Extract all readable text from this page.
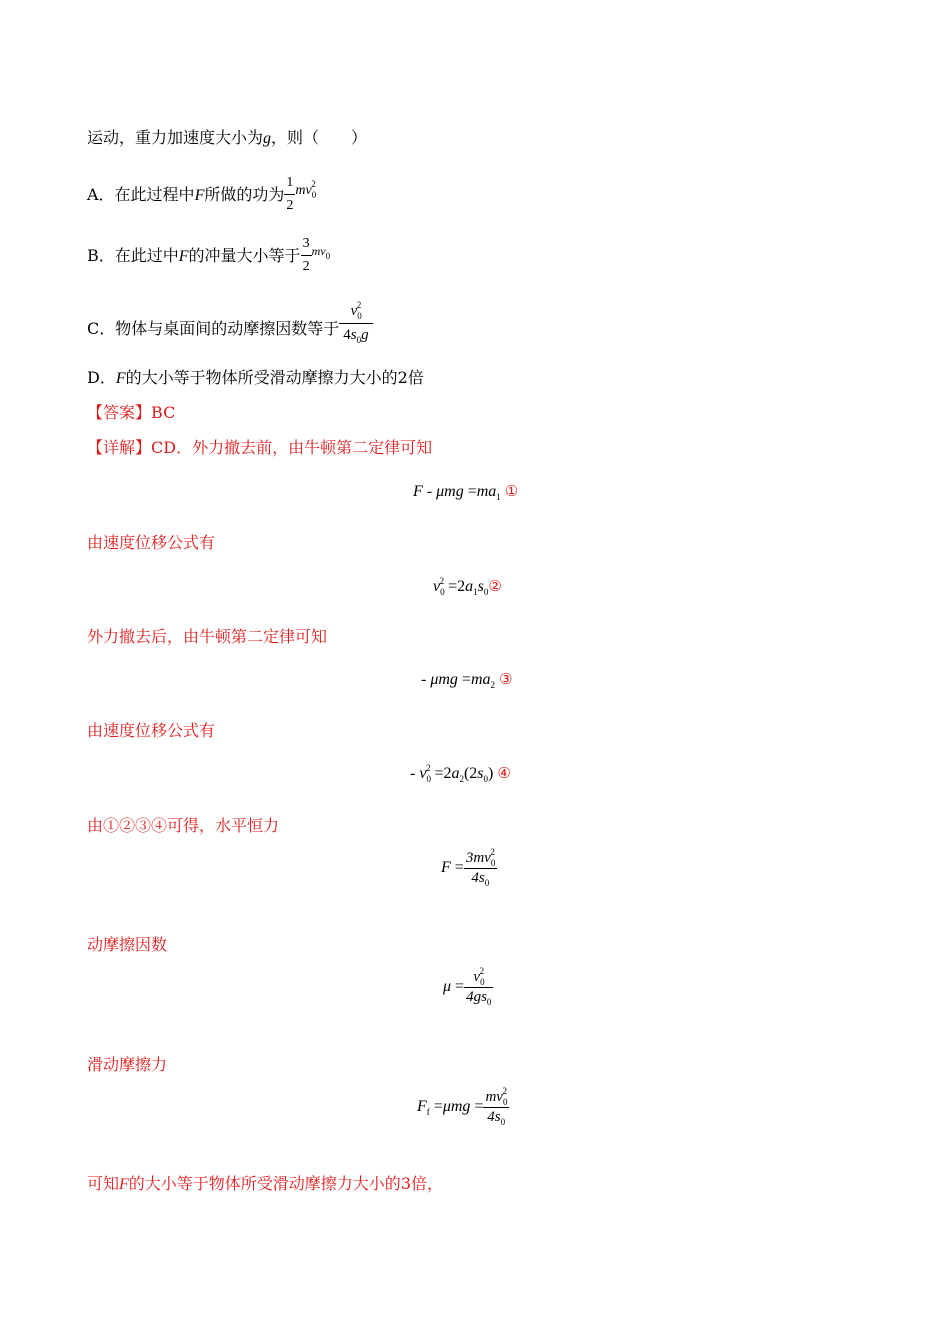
运动，重力加速度大小为g，则（　　）
A．在此过程中F所做的功为 $\frac{1}{2} mv_0^2$
B．在此过中F的冲量大小等于 $\frac{3}{2} ^{mv_0}$
C．物体与桌面间的动摩擦因数等于 $\frac{v_0^2}{4s_0g}$
D．F的大小等于物体所受滑动摩擦力大小的2倍
【答案】BC
【详解】CD．外力撤去前，由牛顿第二定律可知
$F - \mu mg =ma_1$ ①
由速度位移公式有
$v_0^2$ $=2a_1s_0②$
外力撤去后，由牛顿第二定律可知
- $\mu mg =ma_2$ ③
由速度位移公式有
- $v_0^2 =2a_2(2s_0)$ ④
由①②③④可得，水平恒力
$F = \frac{3mv_0^2}{4s_0}$
动摩擦因数
$\mu = \frac{v_0^2}{4gs_0}$
滑动摩擦力
$F_f =\mu mg = \frac{mv_0^2}{4s_0}$
可知F的大小等于物体所受滑动摩擦力大小的3倍，
